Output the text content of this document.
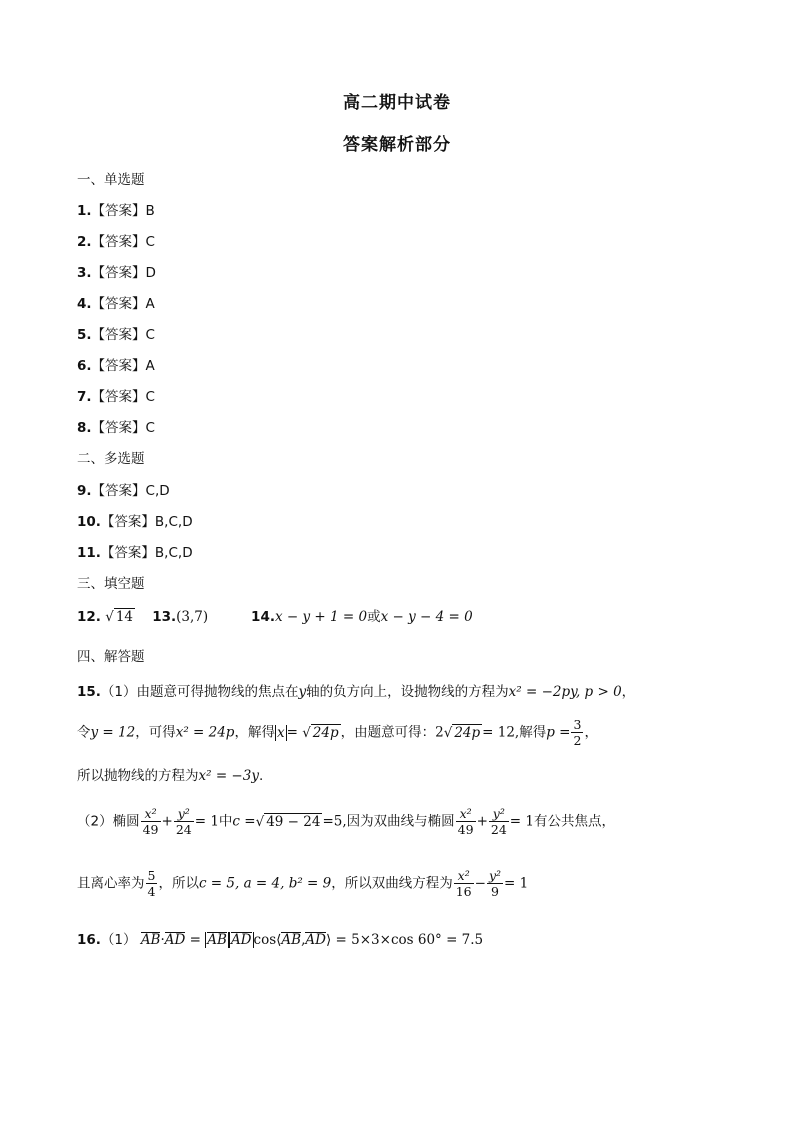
高二期中试卷
答案解析部分
一、单选题
1.【答案】B
2.【答案】C
3.【答案】D
4.【答案】A
5.【答案】C
6.【答案】A
7.【答案】C
8.【答案】C
二、多选题
9.【答案】C,D
10.【答案】B,C,D
11.【答案】B,C,D
三、填空题
12. √ 14 13.(3,7)	14.x − y + 1 = 0或x − y − 4 = 0
四、解答题
15.（1）由题意可得抛物线的焦点在y轴的负方向上，设抛物线的方程为x² = −2py, p > 0，
令y = 12，可得x² = 24p，解得 x = √ 24p ，由题意可得：2√ 24p = 12,解得$p = \frac{3}{2}$ ，
所以抛物线的方程为x² = −3y.
（2）椭圆 $\frac{\text{x²}}{49} + \frac{\text{y²}}{24} = 1$中c =√ 49 − 24 =5,因为双曲线与椭圆 $\frac{\text{x²}}{49} + \frac{\text{y²}}{24} = 1$有公共焦点，
且离心率为 $\frac{5}{4}$ ，所以c = 5, a = 4, b² = 9，所以双曲线方程为 $\frac{\text{x²}}{16} - \frac{\text{y²}}{9} = 1$
16.（1） AB·AD = AB AD cos⟨AB,AD⟩ = 5×3×cos 60° = 7.5
